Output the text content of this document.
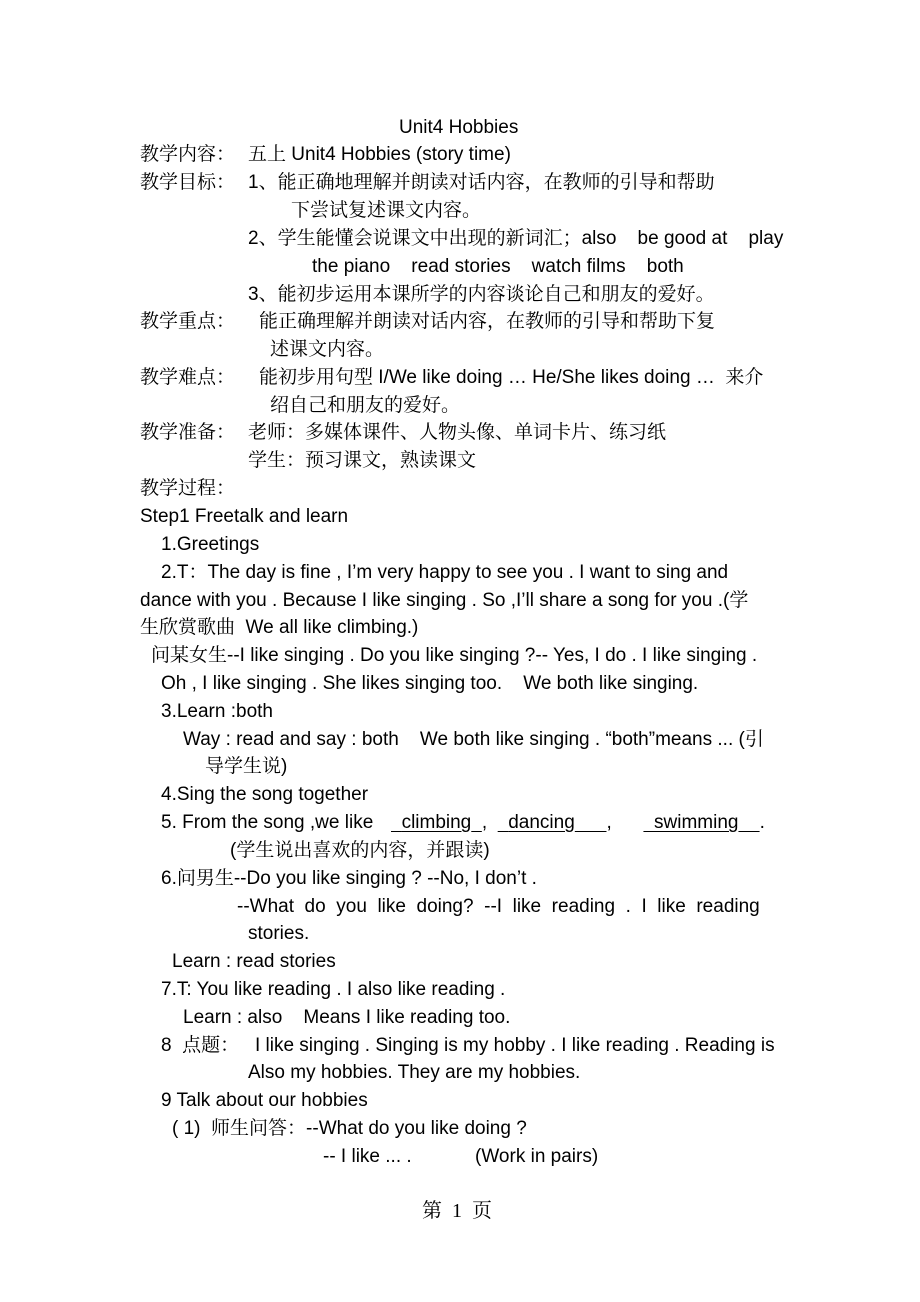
Unit4 Hobbies
教学内容： 五上 Unit4 Hobbies (story time)
教学目标： 1、能正确地理解并朗读对话内容，在教师的引导和帮助
下尝试复述课文内容。
2、学生能懂会说课文中出现的新词汇；also    be good at    play
the piano    read stories    watch films    both
3、能初步运用本课所学的内容谈论自己和朋友的爱好。
教学重点： 能正确理解并朗读对话内容，在教师的引导和帮助下复
述课文内容。
教学难点： 能初步用句型 I/We like doing … He/She likes doing …  来介
绍自己和朋友的爱好。
教学准备： 老师：多媒体课件、人物头像、单词卡片、练习纸
学生：预习课文，熟读课文
教学过程：
Step1 Freetalk and learn
1.Greetings
2.T：The day is fine , I’m very happy to see you . I want to sing and
dance with you . Because I like singing . So ,I’ll share a song for you .(学
生欣赏歌曲  We all like climbing.)
问某女生--I like singing . Do you like singing ?-- Yes, I do . I like singing .
Oh , I like singing . She likes singing too.    We both like singing.
3.Learn :both
Way : read and say : both    We both like singing . “both”means ... (引
导学生说)
4.Sing the song together
5. From the song ,we like	climbing ,    dancing ,        swimming .
(学生说出喜欢的内容，并跟读)
6.问男生--Do you like singing ? --No, I don’t .
--What  do  you  like  doing?  --I  like  reading  .  I  like  reading
stories.
Learn : read stories
7.T: You like reading . I also like reading .
Learn : also    Means I like reading too.
8  点题：   I like singing . Singing is my hobby . I like reading . Reading is
Also my hobbies. They are my hobbies.
9 Talk about our hobbies
( 1)  师生问答：--What do you like doing ?
-- I like ... .            (Work in pairs)
第  1  页
